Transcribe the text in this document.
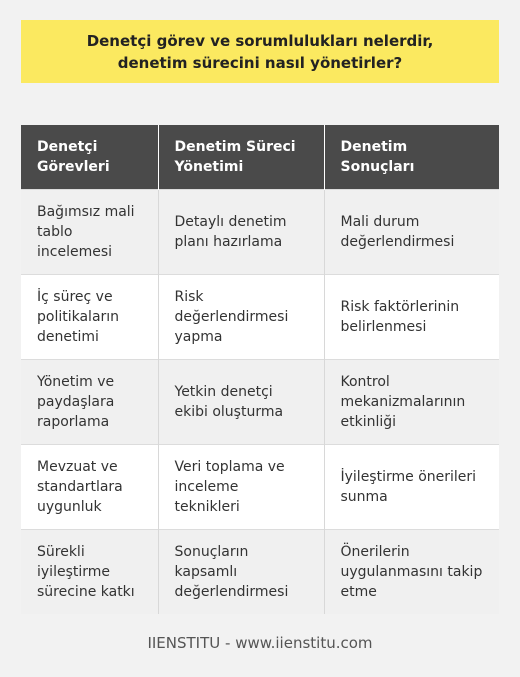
Denetçi görev ve sorumlulukları nelerdir, denetim sürecini nasıl yönetirler?
Denetçi Görevleri	Denetim Süreci Yönetimi	Denetim Sonuçları
Bağımsız mali tablo incelemesi	Detaylı denetim planı hazırlama	Mali durum değerlendirmesi
İç süreç ve politikaların denetimi	Risk değerlendirmesi yapma	Risk faktörlerinin belirlenmesi
Yönetim ve paydaşlara raporlama	Yetkin denetçi ekibi oluşturma	Kontrol mekanizmalarının etkinliği
Mevzuat ve standartlara uygunluk	Veri toplama ve inceleme teknikleri	İyileştirme önerileri sunma
Sürekli iyileştirme sürecine katkı	Sonuçların kapsamlı değerlendirmesi	Önerilerin uygulanmasını takip etme
IIENSTITU - www.iienstitu.com
